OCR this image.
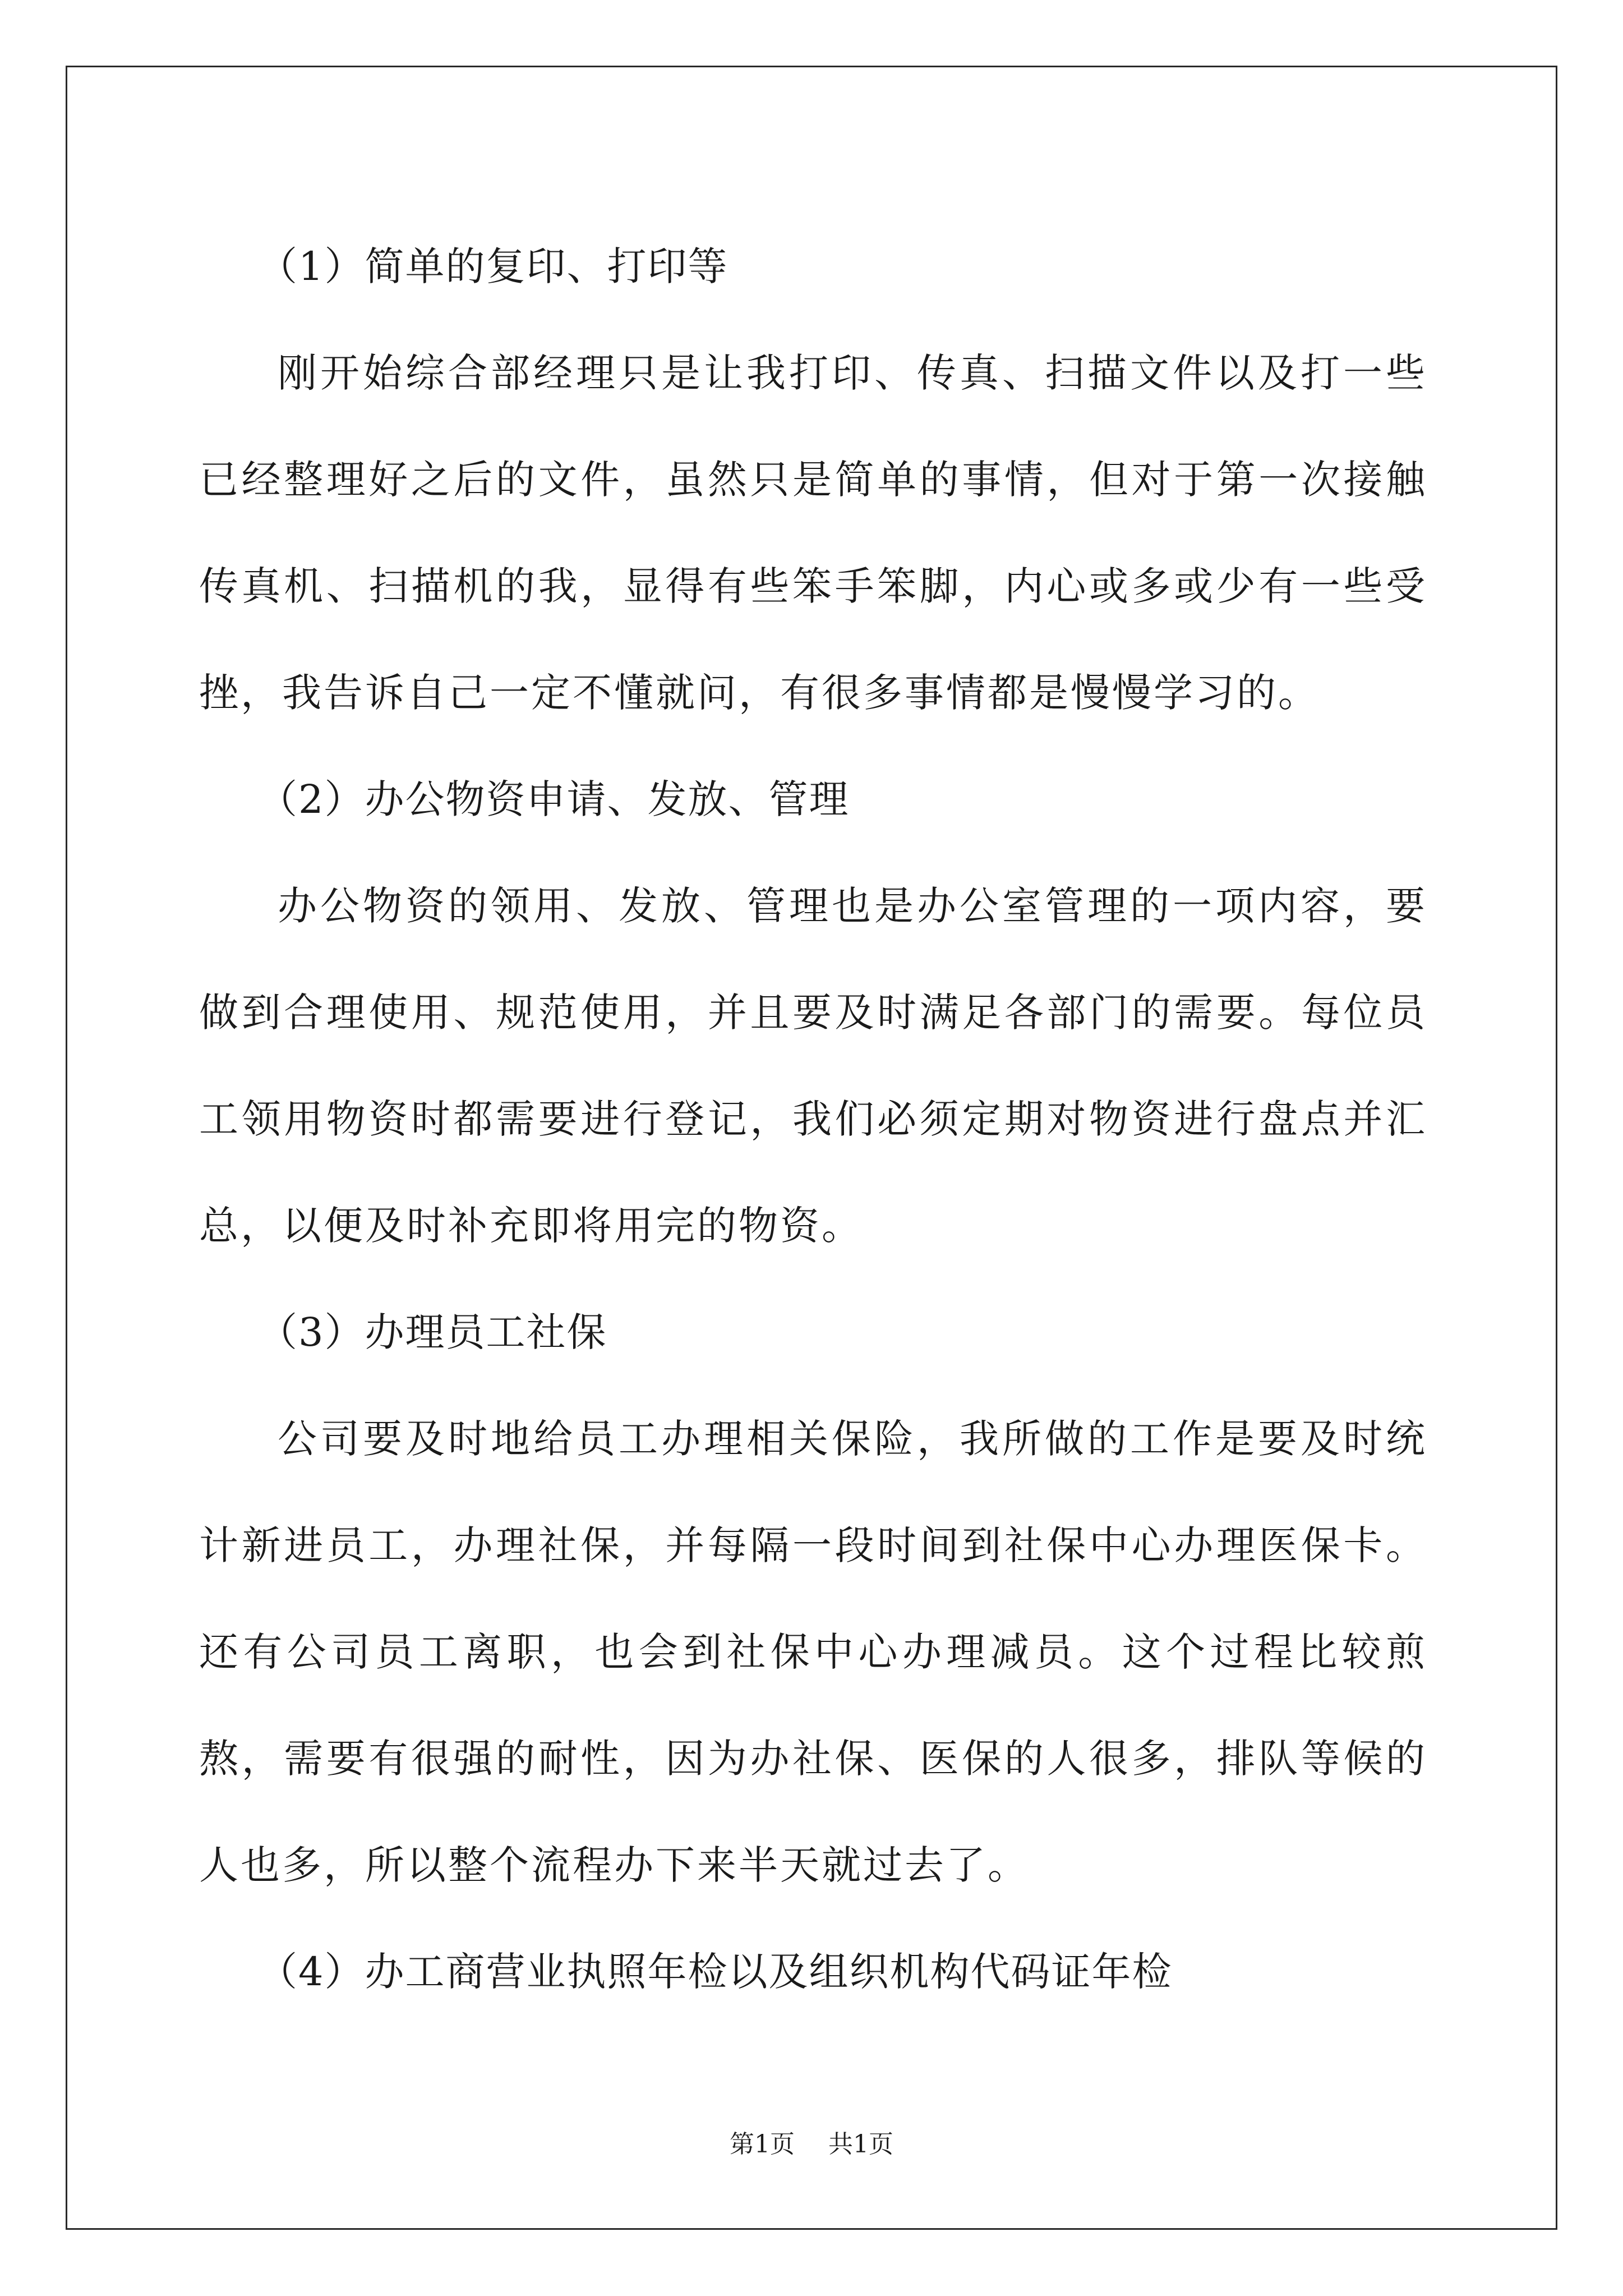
（1）简单的复印、打印等

刚开始综合部经理只是让我打印、传真、扫描文件以及打一些已经整理好之后的文件，虽然只是简单的事情，但对于第一次接触传真机、扫描机的我，显得有些笨手笨脚，内心或多或少有一些受挫，我告诉自己一定不懂就问，有很多事情都是慢慢学习的。

（2）办公物资申请、发放、管理

办公物资的领用、发放、管理也是办公室管理的一项内容，要做到合理使用、规范使用，并且要及时满足各部门的需要。每位员工领用物资时都需要进行登记，我们必须定期对物资进行盘点并汇总，以便及时补充即将用完的物资。

（3）办理员工社保

公司要及时地给员工办理相关保险，我所做的工作是要及时统计新进员工，办理社保，并每隔一段时间到社保中心办理医保卡。还有公司员工离职，也会到社保中心办理减员。这个过程比较煎熬，需要有很强的耐性，因为办社保、医保的人很多，排队等候的人也多，所以整个流程办下来半天就过去了。

（4）办工商营业执照年检以及组织机构代码证年检

第1页 共1页
